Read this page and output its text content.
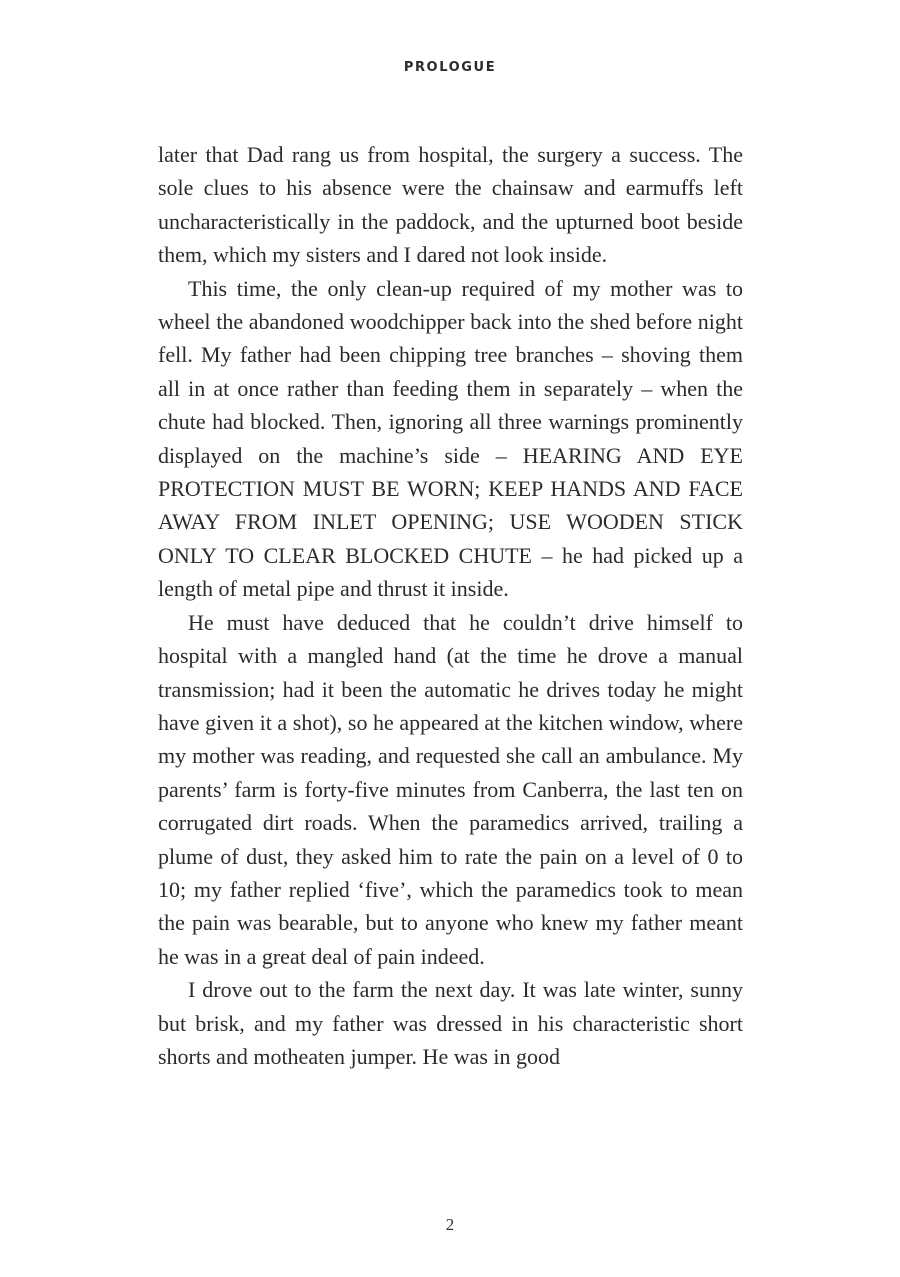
PROLOGUE

later that Dad rang us from hospital, the surgery a success. The sole clues to his absence were the chainsaw and earmuffs left uncharacteristically in the paddock, and the upturned boot beside them, which my sisters and I dared not look inside.

This time, the only clean-up required of my mother was to wheel the abandoned woodchipper back into the shed before night fell. My father had been chipping tree branches – shoving them all in at once rather than feeding them in separately – when the chute had blocked. Then, ignoring all three warnings prominently displayed on the machine’s side – HEARING AND EYE PROTECTION MUST BE WORN; KEEP HANDS AND FACE AWAY FROM INLET OPENING; USE WOODEN STICK ONLY TO CLEAR BLOCKED CHUTE – he had picked up a length of metal pipe and thrust it inside.

He must have deduced that he couldn’t drive himself to hospital with a mangled hand (at the time he drove a manual transmission; had it been the automatic he drives today he might have given it a shot), so he appeared at the kitchen window, where my mother was reading, and requested she call an ambulance. My parents’ farm is forty-five minutes from Canberra, the last ten on corrugated dirt roads. When the paramedics arrived, trailing a plume of dust, they asked him to rate the pain on a level of 0 to 10; my father replied ‘five’, which the paramedics took to mean the pain was bearable, but to anyone who knew my father meant he was in a great deal of pain indeed.

I drove out to the farm the next day. It was late winter, sunny but brisk, and my father was dressed in his characteristic short shorts and motheaten jumper. He was in good

2
